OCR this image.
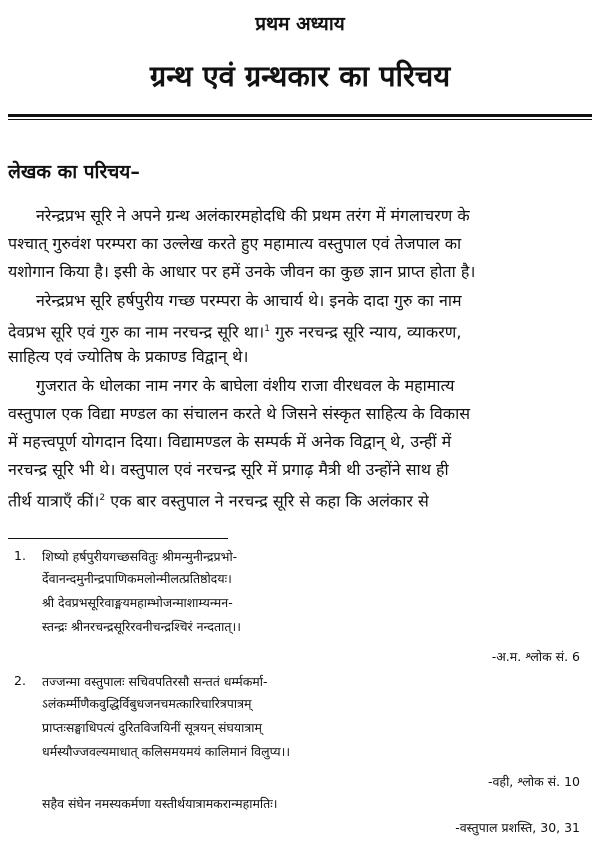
प्रथम अध्याय
ग्रन्थ एवं ग्रन्थकार का परिचय
लेखक का परिचय–
नरेन्द्रप्रभ सूरि ने अपने ग्रन्थ अलंकारमहोदधि की प्रथम तरंग में मंगलाचरण के
पश्चात् गुरुवंश परम्परा का उल्लेख करते हुए महामात्य वस्तुपाल एवं तेजपाल का
यशोगान किया है। इसी के आधार पर हमें उनके जीवन का कुछ ज्ञान प्राप्त होता है।
नरेन्द्रप्रभ सूरि हर्षपुरीय गच्छ परम्परा के आचार्य थे। इनके दादा गुरु का नाम
देवप्रभ सूरि एवं गुरु का नाम नरचन्द्र सूरि था।$^1$ गुरु नरचन्द्र सूरि न्याय, व्याकरण,
साहित्य एवं ज्योतिष के प्रकाण्ड विद्वान् थे।
गुजरात के धोलका नाम नगर के बाघेला वंशीय राजा वीरधवल के महामात्य
वस्तुपाल एक विद्या मण्डल का संचालन करते थे जिसने संस्कृत साहित्य के विकास
में महत्त्वपूर्ण योगदान दिया। विद्यामण्डल के सम्पर्क में अनेक विद्वान् थे, उन्हीं में
नरचन्द्र सूरि भी थे। वस्तुपाल एवं नरचन्द्र सूरि में प्रगाढ़ मैत्री थी उन्होंने साथ ही
तीर्थ यात्राएँ कीं।$^2$ एक बार वस्तुपाल ने नरचन्द्र सूरि से कहा कि अलंकार से
1. शिष्यो हर्षपुरीयगच्छसवितुः श्रीमन्मुनीन्द्रप्रभो-
र्देवानन्दमुनीन्द्रपाणिकमलोन्मीलत्प्रतिष्ठोदयः।
श्री देवप्रभसूरिवाङ्मयमहाम्भोजन्माशाम्यन्मन-
स्तन्द्रः श्रीनरचन्द्रसूरिरवनीचन्द्रश्चिरं नन्दतात्।।
-अ.म. श्लोक सं. 6
2. तज्जन्मा वस्तुपालः सचिवपतिरसौ सन्ततं धर्म्मकर्मा-
ऽलंकर्म्मीणैकवुद्धिर्विबुधजनचमत्कारिचारित्रपात्रम्
प्राप्तःसङ्घाधिपत्यं दुरितविजयिनीं सूत्रयन् संघयात्राम्
धर्मस्यौज्जवल्यमाधात् कलिसमयमयं कालिमानं विलुप्य।।
-वही, श्लोक सं. 10
सहैव संघेन नमस्यकर्मणा यस्तीर्थयात्रामकरान्महामतिः।
-वस्तुपाल प्रशस्ति, 30, 31
